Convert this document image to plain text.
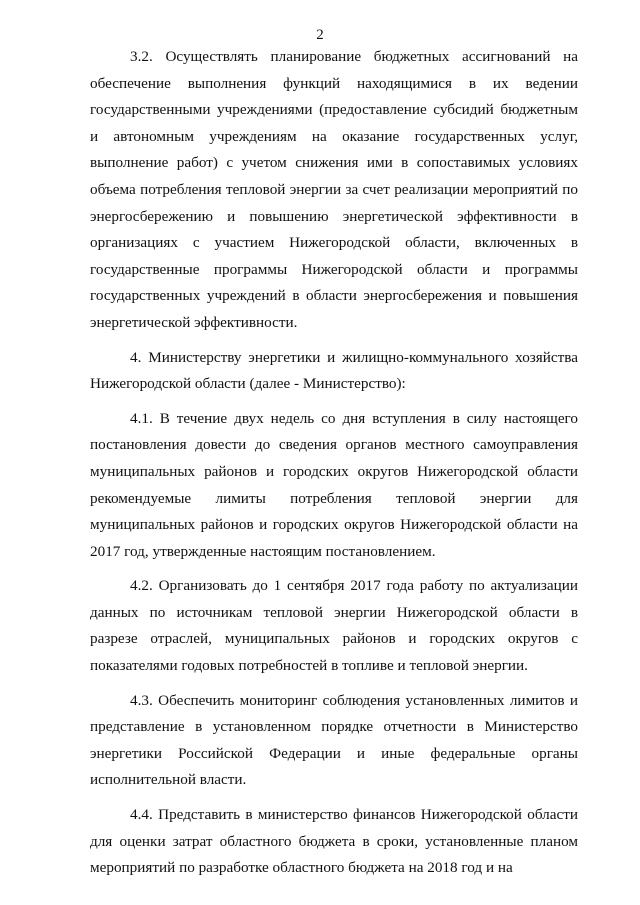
2

3.2. Осуществлять планирование бюджетных ассигнований на обеспечение выполнения функций находящимися в их ведении государственными учреждениями (предоставление субсидий бюджетным и автономным учреждениям на оказание государственных услуг, выполнение работ) с учетом снижения ими в сопоставимых условиях объема потребления тепловой энергии за счет реализации мероприятий по энергосбережению и повышению энергетической эффективности в организациях с участием Нижегородской области, включенных в государственные программы Нижегородской области и программы государственных учреждений в области энергосбережения и повышения энергетической эффективности.

4. Министерству энергетики и жилищно-коммунального хозяйства Нижегородской области (далее - Министерство):

4.1. В течение двух недель со дня вступления в силу настоящего постановления довести до сведения органов местного самоуправления муниципальных районов и городских округов Нижегородской области рекомендуемые лимиты потребления тепловой энергии для муниципальных районов и городских округов Нижегородской области на 2017 год, утвержденные настоящим постановлением.

4.2. Организовать до 1 сентября 2017 года работу по актуализации данных по источникам тепловой энергии Нижегородской области в разрезе отраслей, муниципальных районов и городских округов с показателями годовых потребностей в топливе и тепловой энергии.

4.3. Обеспечить мониторинг соблюдения установленных лимитов и представление в установленном порядке отчетности в Министерство энергетики Российской Федерации и иные федеральные органы исполнительной власти.

4.4. Представить в министерство финансов Нижегородской области для оценки затрат областного бюджета в сроки, установленные планом мероприятий по разработке областного бюджета на 2018 год и на
